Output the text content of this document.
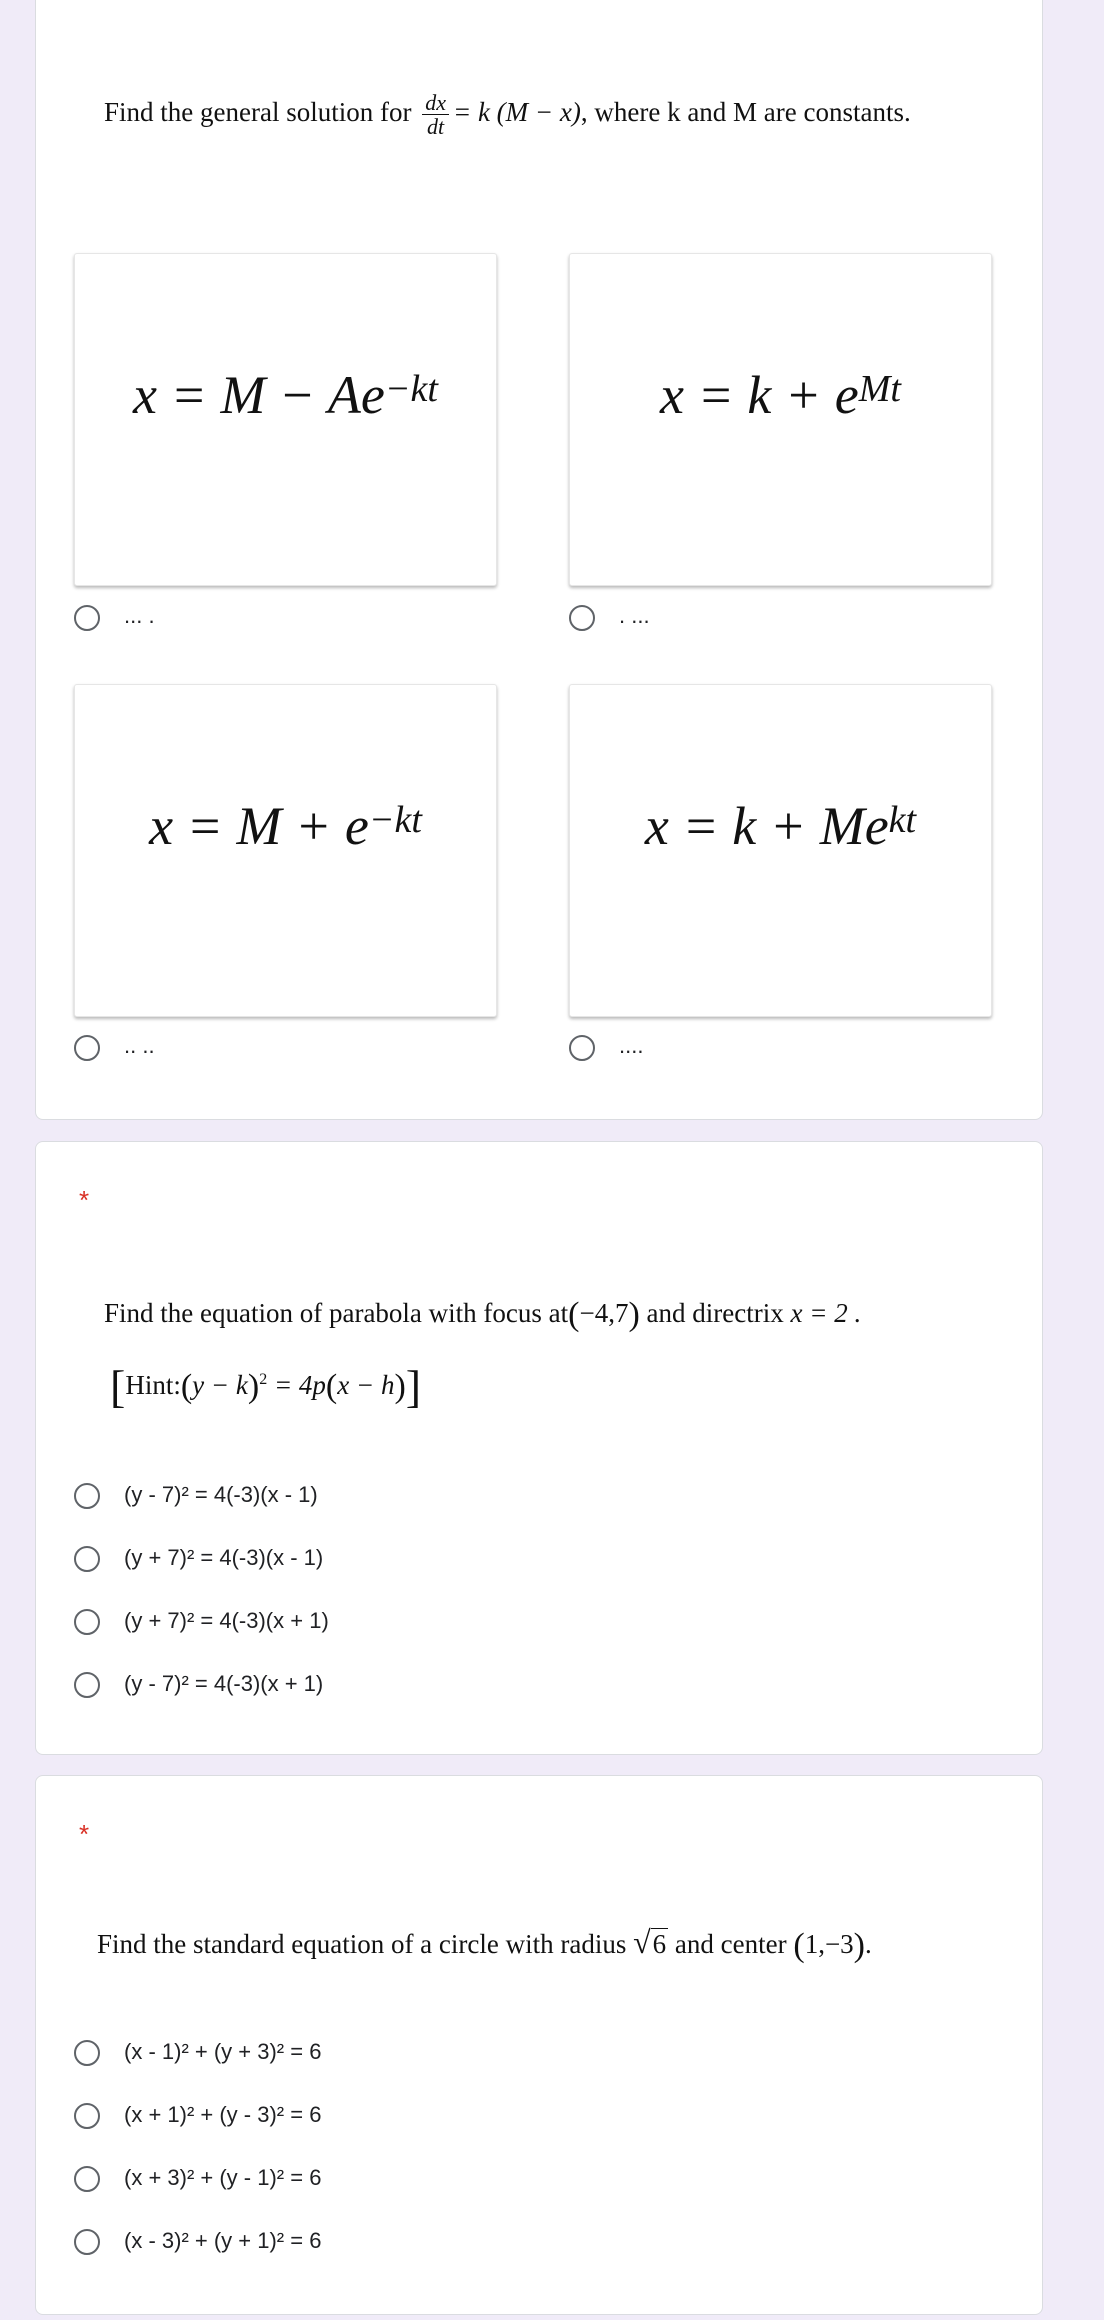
Find the general solution for $\frac{dx}{dt} = k$ (M − x), where k and M are constants.
$x = M - Ae^{-kt}$
... .
$x = k + e^{Mt}$
. ...
$x = M + e^{-kt}$
.. ..
$x = k + Me^{kt}$
....
*
Find the equation of parabola with focus at(−4,7) and directrix x = 2 .
[Hint:(y − k)$^2$ = 4p(x − h)]
(y - 7)² = 4(-3)(x - 1)
(y + 7)² = 4(-3)(x - 1)
(y + 7)² = 4(-3)(x + 1)
(y - 7)² = 4(-3)(x + 1)
*
Find the standard equation of a circle with radius √6 and center (1,−3).
(x - 1)² + (y + 3)² = 6
(x + 1)² + (y - 3)² = 6
(x + 3)² + (y - 1)² = 6
(x - 3)² + (y + 1)² = 6
